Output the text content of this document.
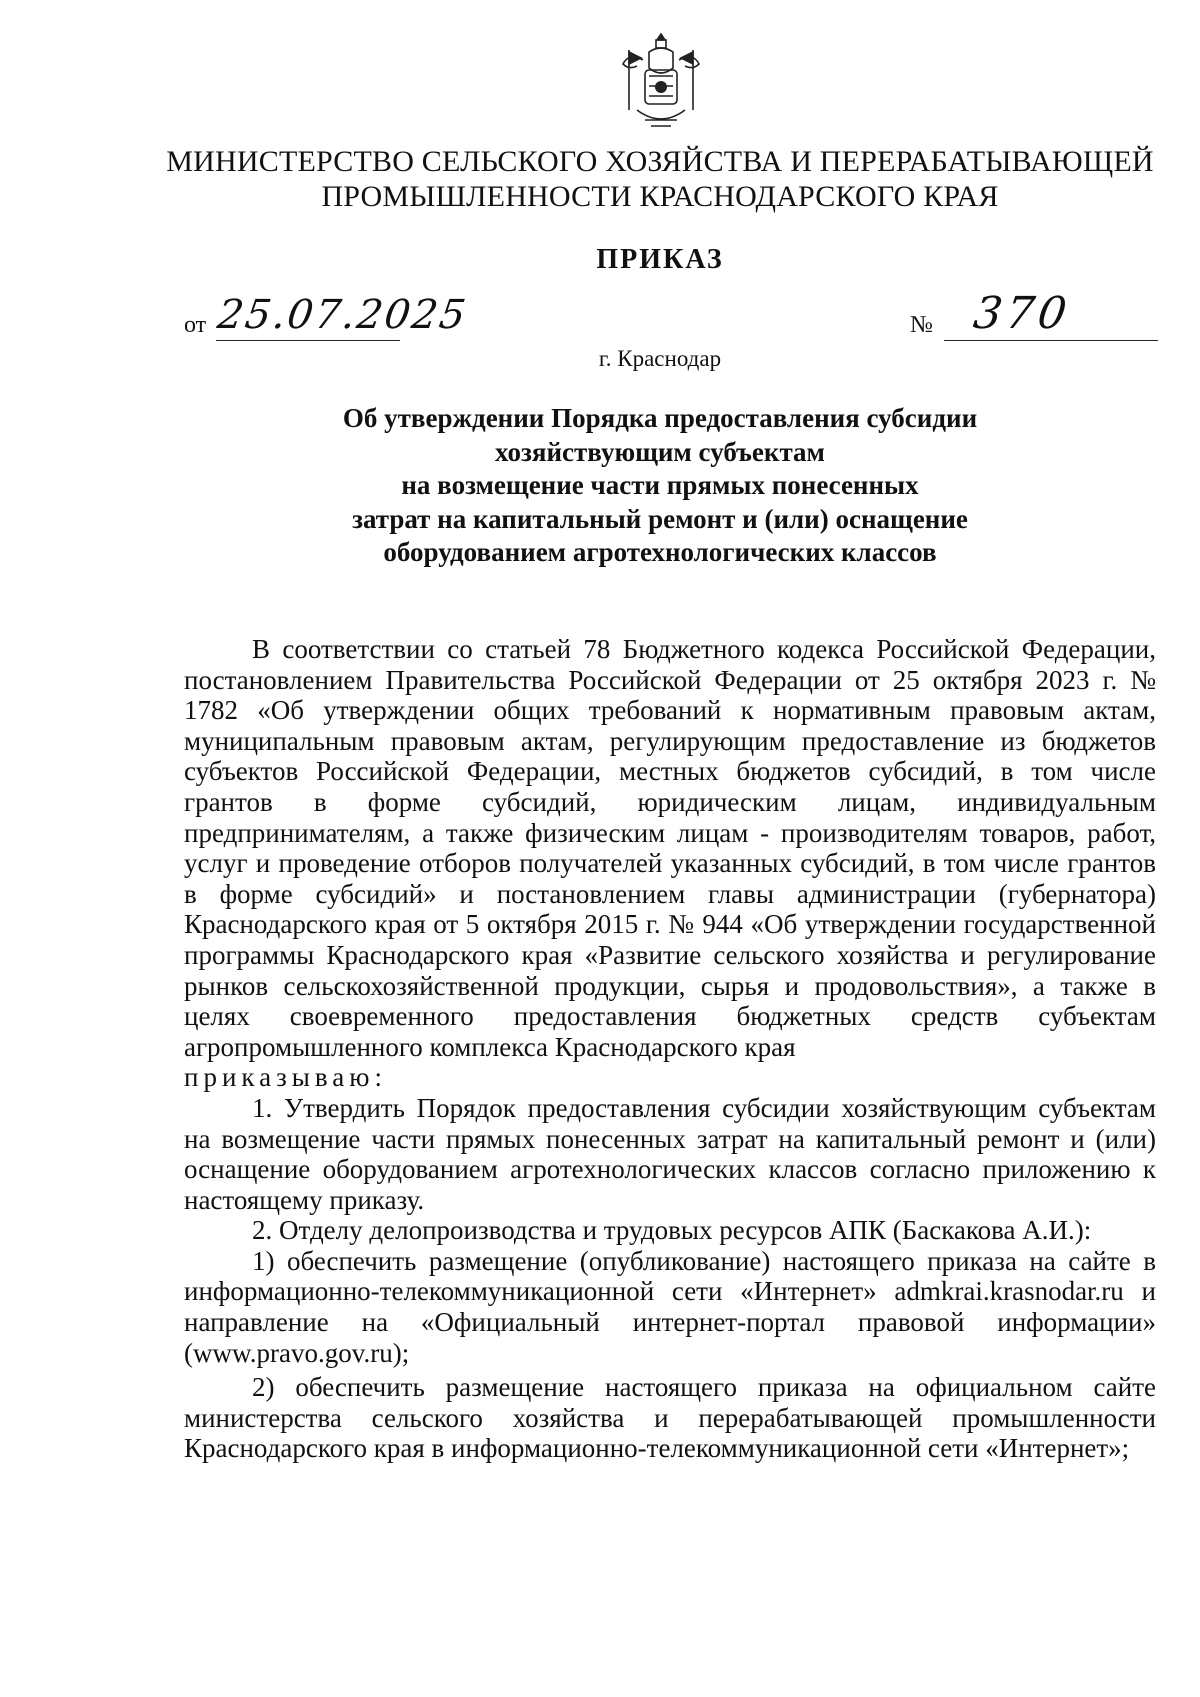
МИНИСТЕРСТВО СЕЛЬСКОГО ХОЗЯЙСТВА И ПЕРЕРАБАТЫВАЮЩЕЙ
ПРОМЫШЛЕННОСТИ КРАСНОДАРСКОГО КРАЯ
ПРИКАЗ
от 25.07.2025	№ 370
г. Краснодар
Об утверждении Порядка предоставления субсидии
хозяйствующим субъектам
на возмещение части прямых понесенных
затрат на капитальный ремонт и (или) оснащение
оборудованием агротехнологических классов

В соответствии со статьей 78 Бюджетного кодекса Российской Федерации, постановлением Правительства Российской Федерации от 25 октября 2023 г. № 1782 «Об утверждении общих требований к нормативным правовым актам, муниципальным правовым актам, регулирующим предоставление из бюджетов субъектов Российской Федерации, местных бюджетов субсидий, в том числе грантов в форме субсидий, юридическим лицам, индивидуальным предпринимателям, а также физическим лицам - производителям товаров, работ, услуг и проведение отборов получателей указанных субсидий, в том числе грантов в форме субсидий» и постановлением главы администрации (губернатора) Краснодарского края от 5 октября 2015 г. № 944 «Об утверждении государственной программы Краснодарского края «Развитие сельского хозяйства и регулирование рынков сельскохозяйственной продукции, сырья и продовольствия», а также в целях своевременного предоставления бюджетных средств субъектам агропромышленного комплекса Краснодарского края

приказываю:

1. Утвердить Порядок предоставления субсидии хозяйствующим субъектам на возмещение части прямых понесенных затрат на капитальный ремонт и (или) оснащение оборудованием агротехнологических классов согласно приложению к настоящему приказу.

2. Отделу делопроизводства и трудовых ресурсов АПК (Баскакова А.И.):

1) обеспечить размещение (опубликование) настоящего приказа на сайте в информационно-телекоммуникационной сети «Интернет» admkrai.krasnodar.ru и направление на «Официальный интернет-портал правовой информации» (www.pravo.gov.ru);

2) обеспечить размещение настоящего приказа на официальном сайте министерства сельского хозяйства и перерабатывающей промышленности Краснодарского края в информационно-телекоммуникационной сети «Интернет»;
